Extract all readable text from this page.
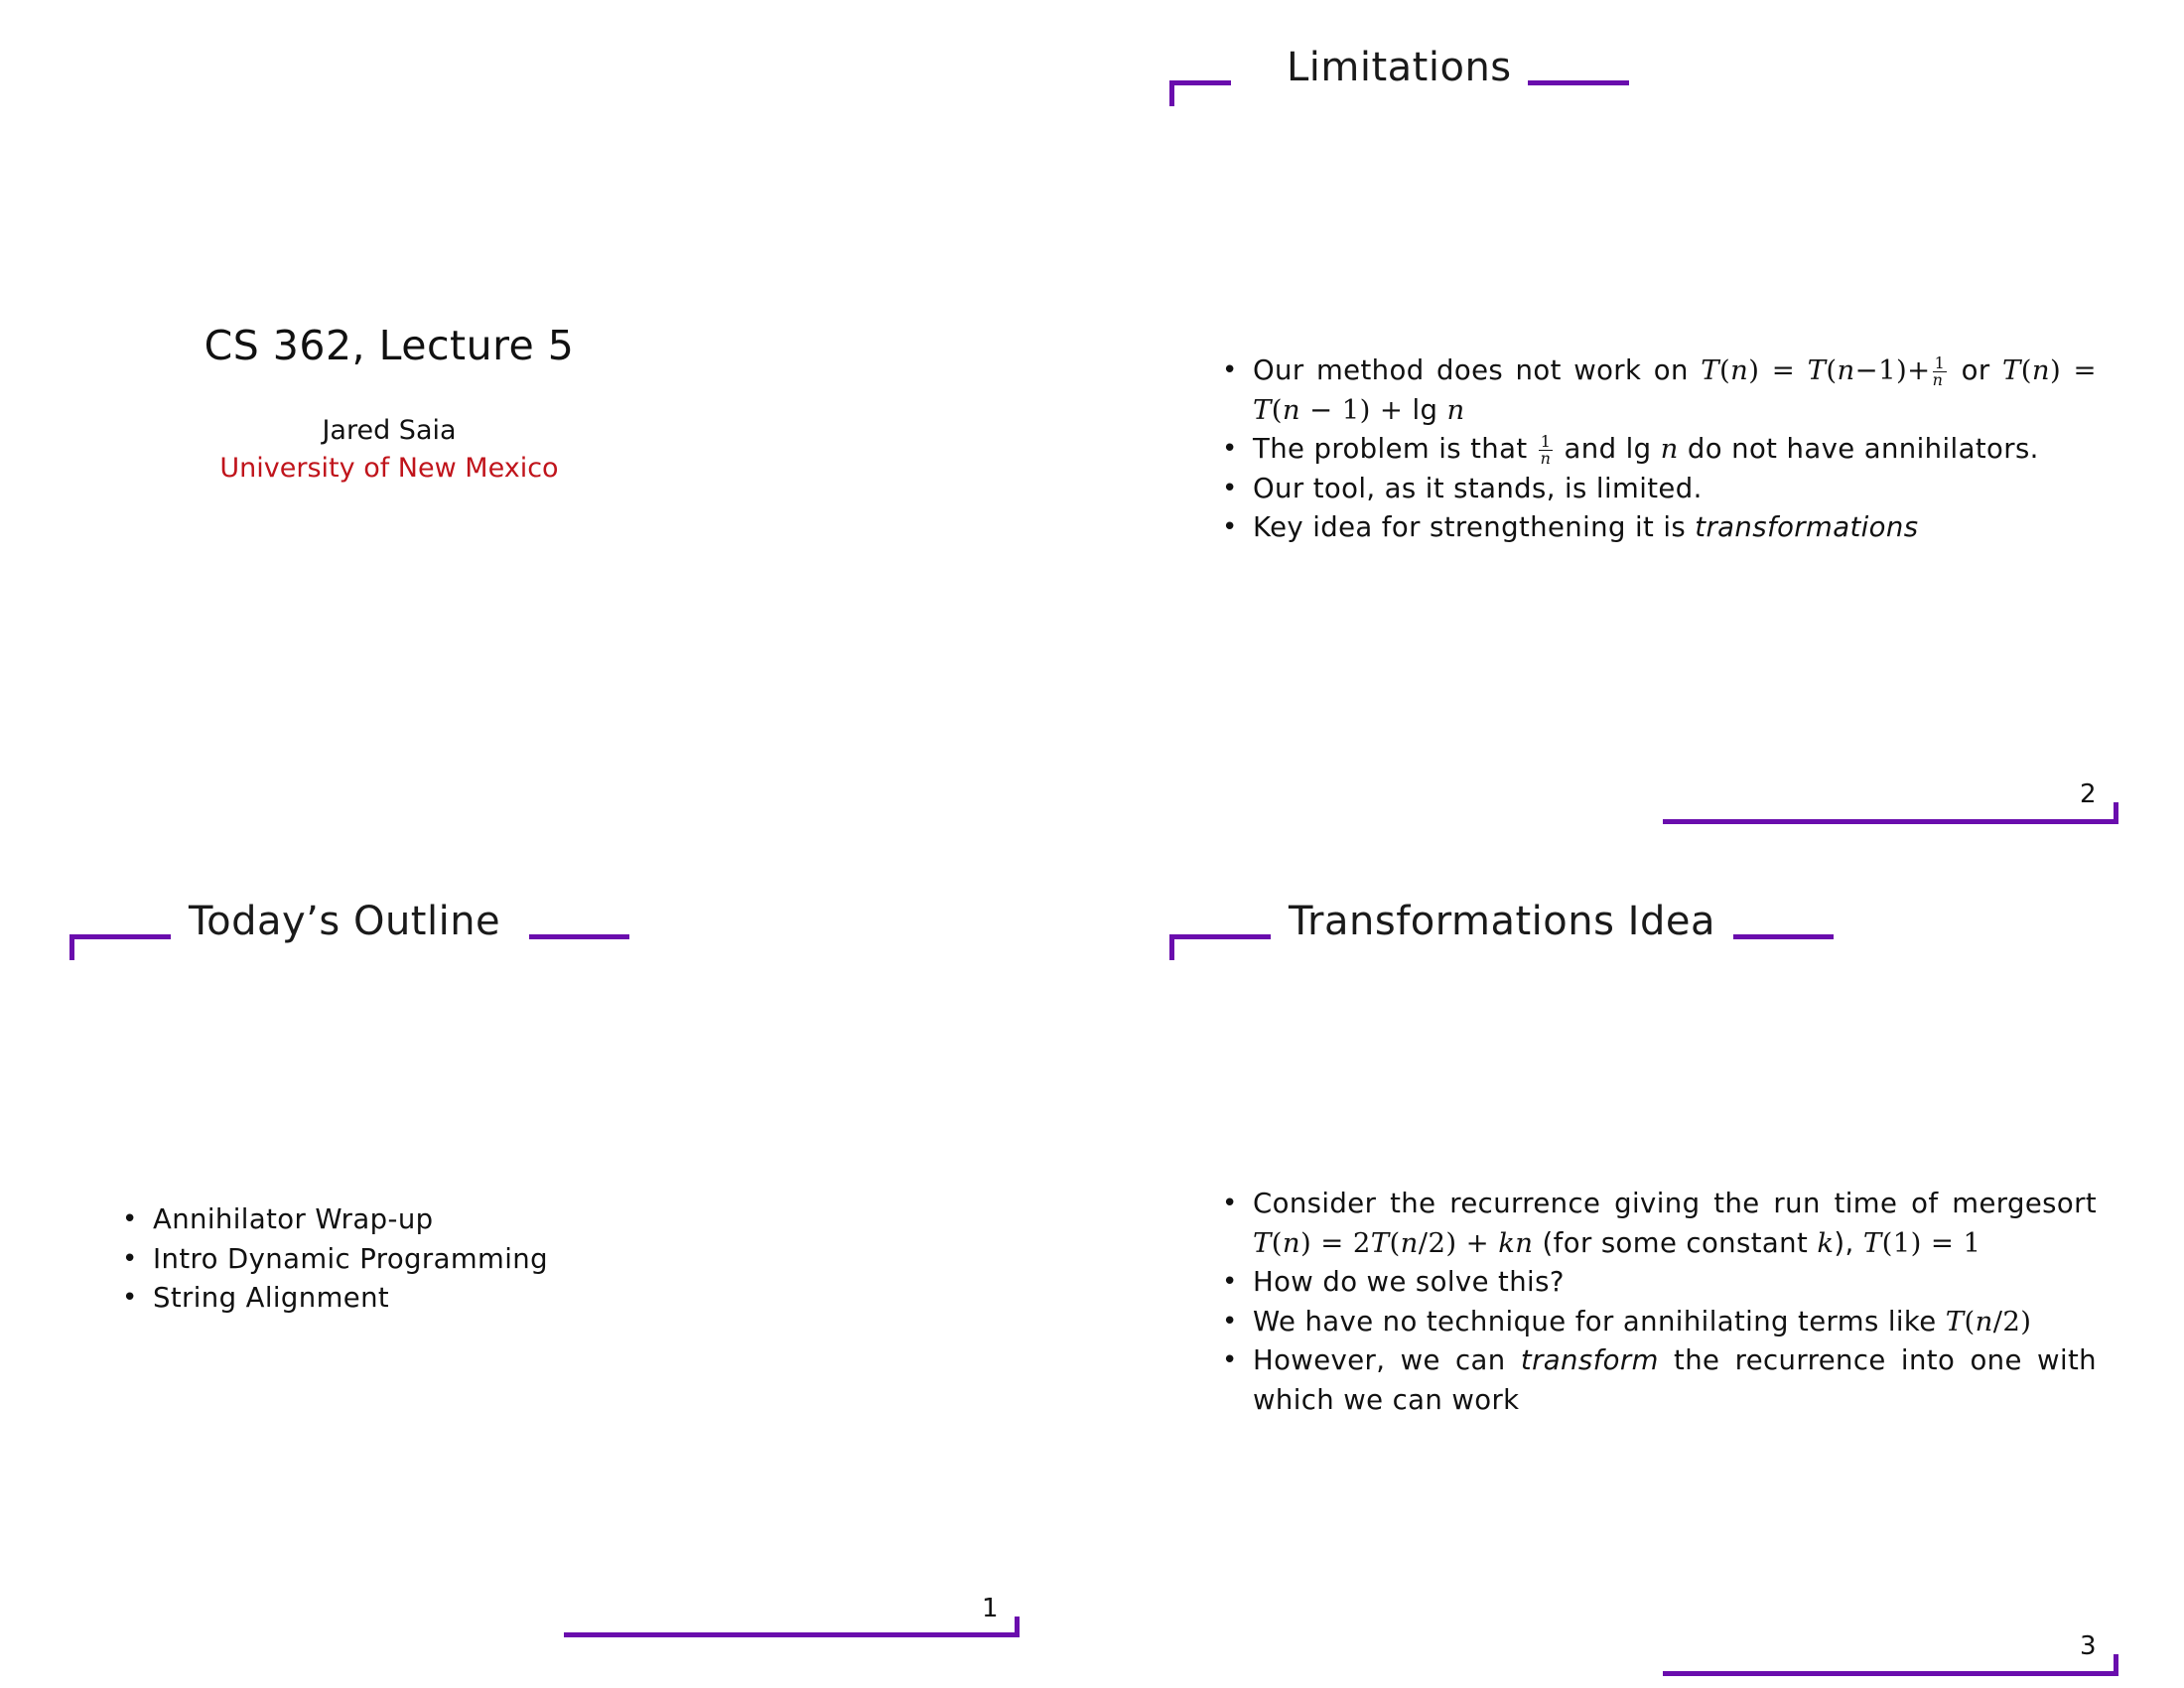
CS 362, Lecture 5
Jared Saia
University of New Mexico
Limitations
• Our method does not work on $T(n) = T(n-1)+ \frac{1}{n}$ or T(n) = T(n − 1) + lg n
• The problem is that $\frac{1}{n}$ and lg n do not have annihilators.
• Our tool, as it stands, is limited.
• Key idea for strengthening it is transformations
2
Today’s Outline
• Annihilator Wrap-up
• Intro Dynamic Programming
• String Alignment
1
Transformations Idea
• Consider the recurrence giving the run time of mergesort T(n) = 2T(n/2) + kn (for some constant k), T(1) = 1
• How do we solve this?
• We have no technique for annihilating terms like T(n/2)
• However, we can transform the recurrence into one with which we can work
3
